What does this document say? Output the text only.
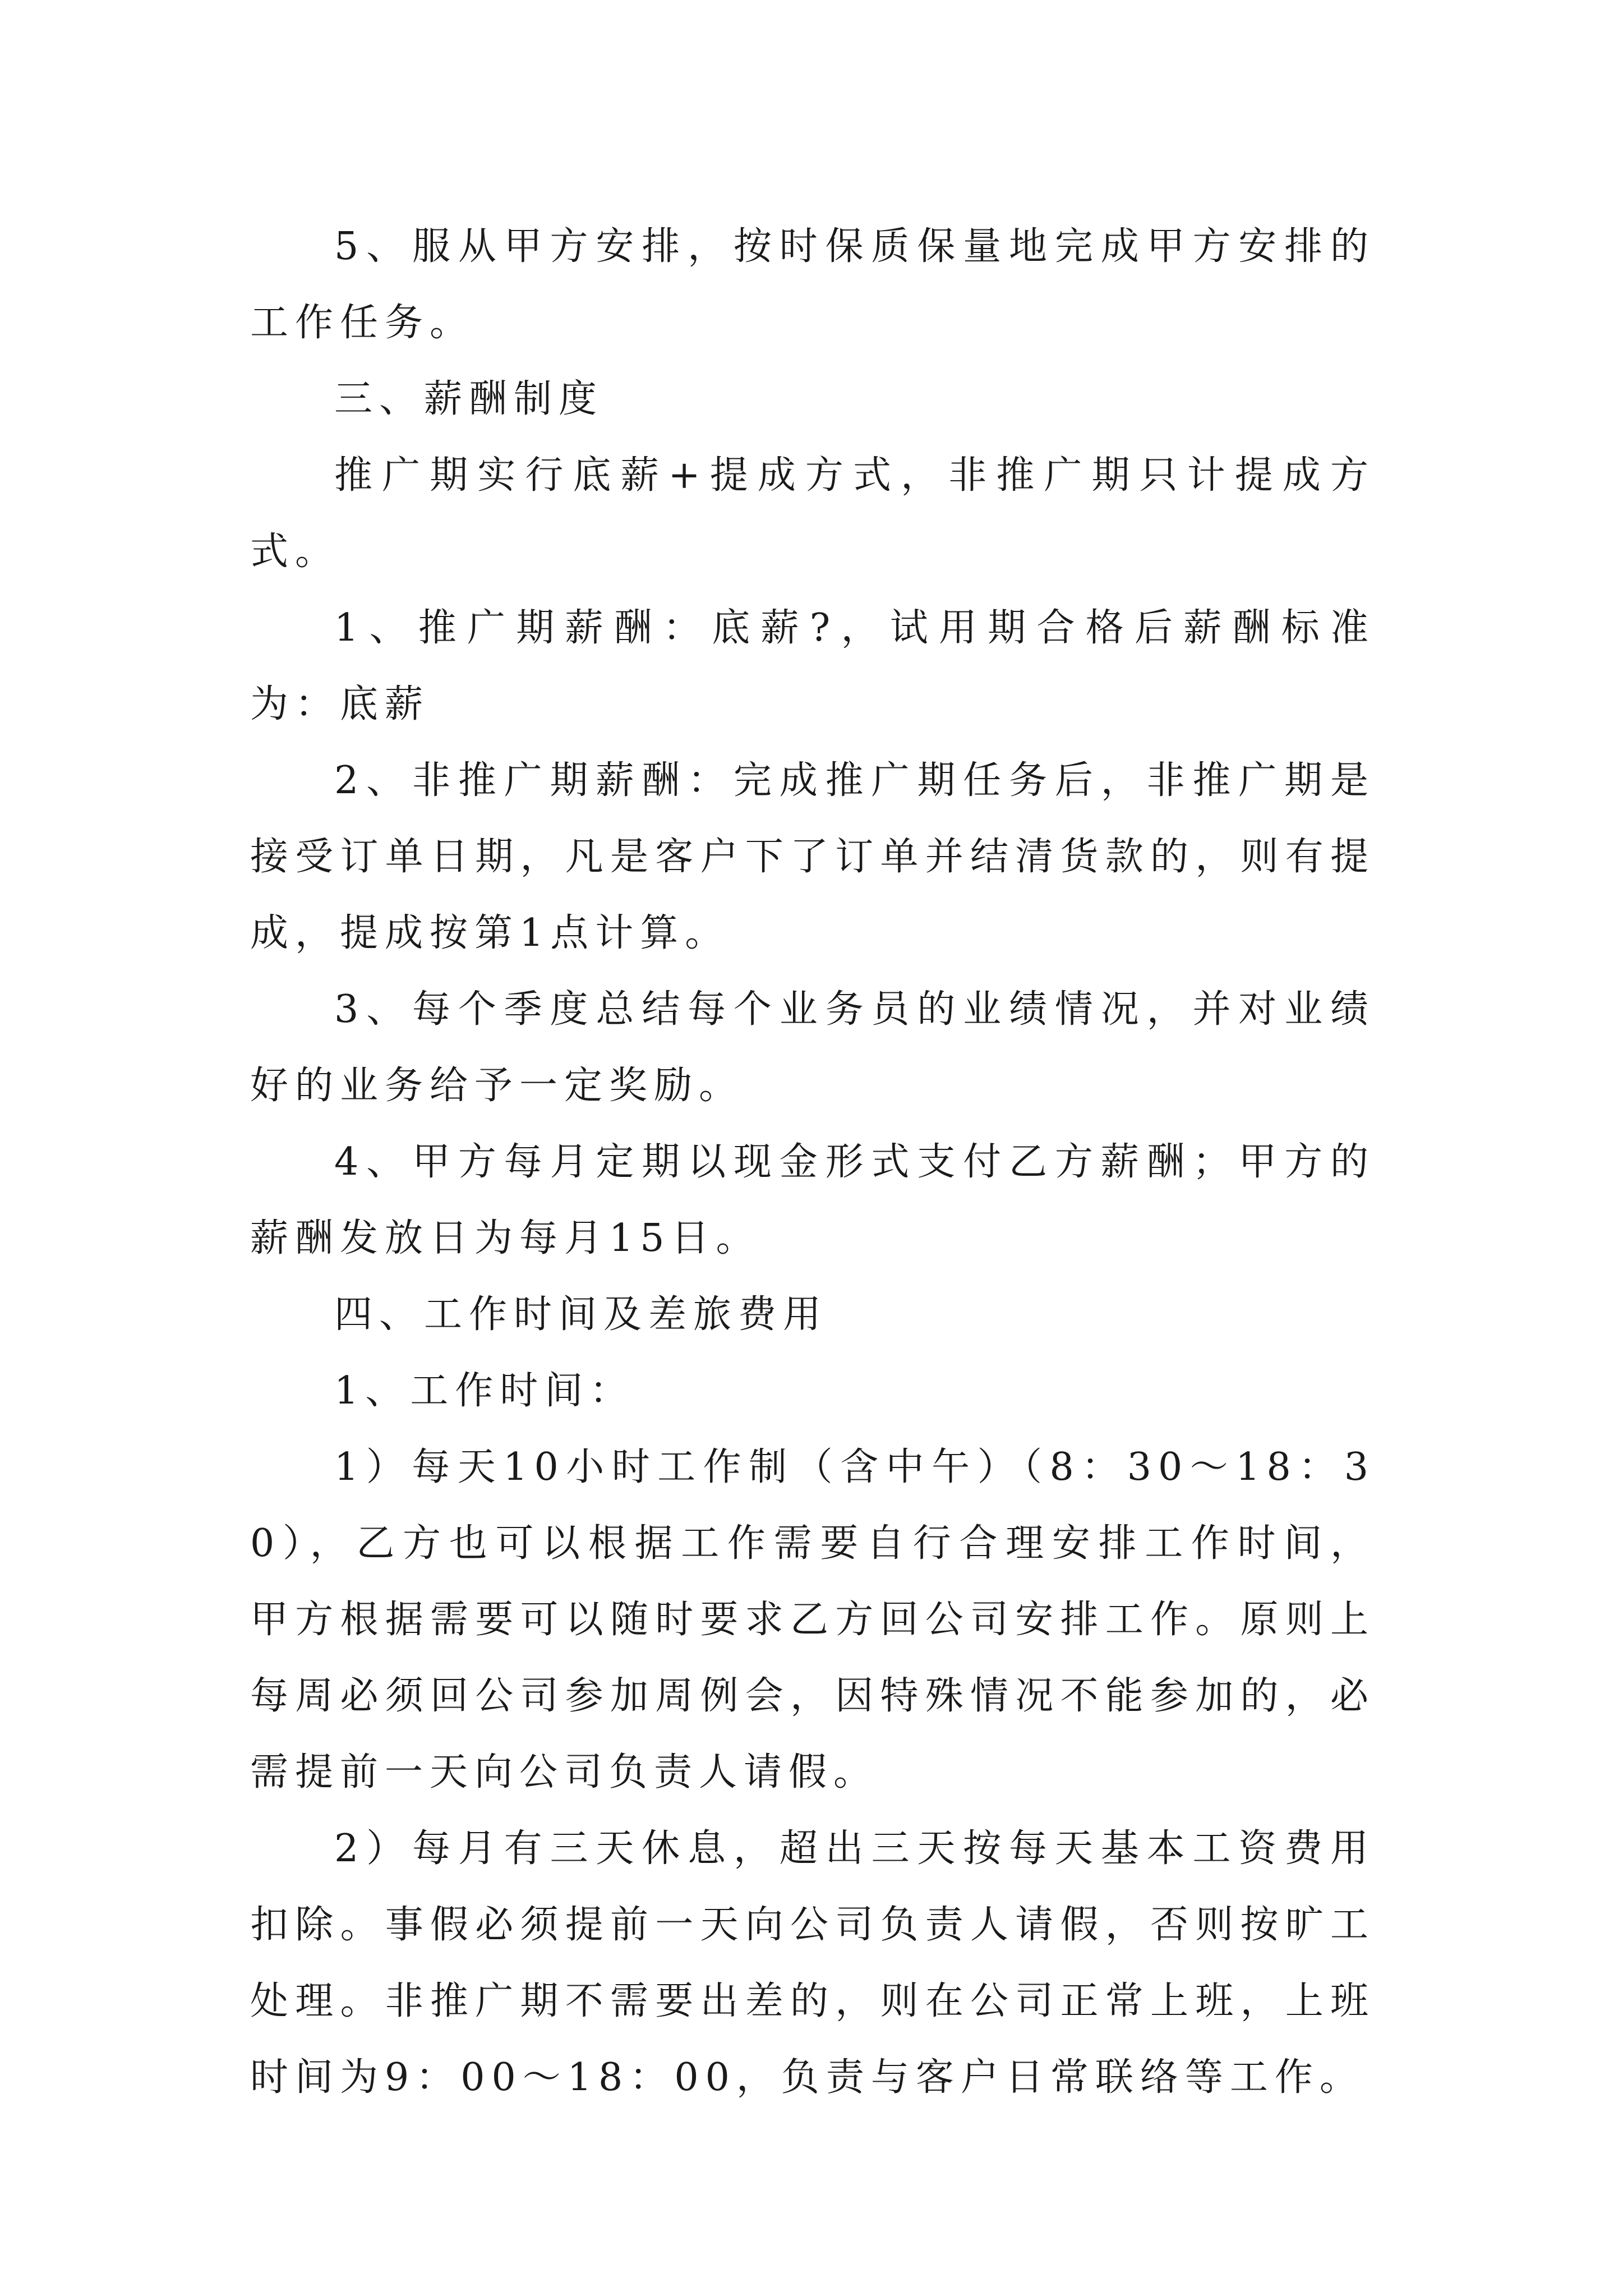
5、服从甲方安排，按时保质保量地完成甲方安排的工作任务。

三、薪酬制度

推广期实行底薪+提成方式，非推广期只计提成方式。

1、推广期薪酬：底薪?，试用期合格后薪酬标准为：底薪

2、非推广期薪酬：完成推广期任务后，非推广期是接受订单日期，凡是客户下了订单并结清货款的，则有提成，提成按第1点计算。

3、每个季度总结每个业务员的业绩情况，并对业绩好的业务给予一定奖励。

4、甲方每月定期以现金形式支付乙方薪酬；甲方的薪酬发放日为每月15日。

四、工作时间及差旅费用

1、工作时间：

1）每天10小时工作制（含中午）（8：30～18：30），乙方也可以根据工作需要自行合理安排工作时间，甲方根据需要可以随时要求乙方回公司安排工作。原则上每周必须回公司参加周例会，因特殊情况不能参加的，必需提前一天向公司负责人请假。

2）每月有三天休息，超出三天按每天基本工资费用扣除。事假必须提前一天向公司负责人请假，否则按旷工处理。非推广期不需要出差的，则在公司正常上班，上班时间为9：00～18：00，负责与客户日常联络等工作。
